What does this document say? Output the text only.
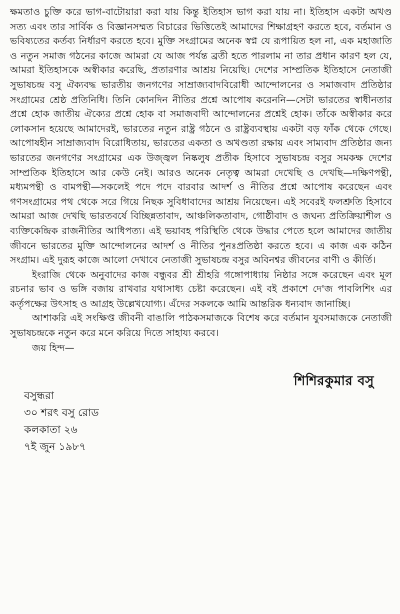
ক্ষমতাও চুক্তি করে ভাগ-বাটোয়ারা করা যায় কিন্তু ইতিহাস ভাগ করা যায় না। ইতিহাস একটা অখণ্ড সত্য এবং তার সার্বিক ও বিজ্ঞানসম্মত বিচারের ভিত্তিতেই আমাদের শিক্ষাগ্রহণ করতে হবে, বর্তমান ও ভবিষ্যতের কর্তব্য নির্ধারণ করতে হবে। মুক্তি সংগ্রামের অনেক স্বপ্ন যে রূপায়িত হল না, এক মহাজাতি ও নতুন সমাজ গঠনের কাজে আমরা যে আজ পর্যন্ত ব্রতী হতে পারলাম না তার প্রধান কারণ হল যে, আমরা ইতিহাসকে অস্বীকার করেছি, প্রতারণার আশ্রয় নিয়েছি। দেশের সাম্প্রতিক ইতিহাসে নেতাজী সুভাষচন্দ্র বসু ঐক্যবদ্ধ ভারতীয় জনগণের সাম্রাজ্যবাদবিরোধী আন্দোলনের ও সমাজবাদ প্রতিষ্ঠার সংগ্রামের শ্রেষ্ঠ প্রতিনিধি। তিনি কোনদিন নীতির প্রশ্নে আপোষ করেননি—সেটা ভারতের স্বাধীনতার প্রশ্নে হোক জাতীয় ঐক্যের প্রশ্নে হোক বা সমাজবাদী আন্দোলনের প্রশ্নেই হোক। তাঁকে অস্বীকার করে লোকসান হয়েছে আমাদেরই, ভারতের নতুন রাষ্ট্র গঠনে ও রাষ্ট্রব্যবস্থায় একটা বড় ফাঁক থেকে গেছে। আপোষহীন সাম্রাজ্যবাদ বিরোধিতায়, ভারতের একতা ও অখণ্ডতা রক্ষায় এবং সাম্যবাদ প্রতিষ্ঠার জন্য ভারতের জনগণের সংগ্রামের এক উজ্জ্বল নিষ্কলুষ প্রতীক হিসাবে সুভাষচন্দ্র বসুর সমকক্ষ দেশের সাম্প্রতিক ইতিহাসে আর কেউ নেই। আরও অনেক নেতৃত্ব আমরা দেখেছি ও দেখছি—দক্ষিণপন্থী, মধ্যমপন্থী ও বামপন্থী—সকলেই পদে পদে বারবার আদর্শ ও নীতির প্রশ্নে আপোষ করেছেন এবং গণসংগ্রামের পথ থেকে সরে গিয়ে নিছক সুবিধাবাদের আশ্রয় নিয়েছেন। এই সবেরই ফলশ্রুতি হিসাবে আমরা আজ দেখছি ভারতবর্ষে বিচ্ছিন্নতাবাদ, আঞ্চলিকতাবাদ, গোষ্ঠীবাদ ও জঘন্য প্রতিক্রিয়াশীল ও ব্যক্তিকেন্দ্রিক রাজনীতির আধিপত্য। এই ভয়াবহ পরিস্থিতি থেকে উদ্ধার পেতে হলে আমাদের জাতীয় জীবনে ভারতের মুক্তি আন্দোলনের আদর্শ ও নীতির পুনঃপ্রতিষ্ঠা করতে হবে। এ কাজ এক কঠিন সংগ্রাম। এই দুরূহ কাজে আলো দেখাবে নেতাজী সুভাষচন্দ্র বসুর অবিনশ্বর জীবনের বাণী ও কীর্তি।

ইংরাজি থেকে অনুবাদের কাজ বন্ধুবর শ্রী শ্রীহরি গঙ্গোপাধ্যায় নিষ্ঠার সঙ্গে করেছেন এবং মূল রচনার ভাব ও ভঙ্গি বজায় রাখবার যথাসাধ্য চেষ্টা করেছেন। এই বই প্রকাশে দে'জ পাবলিশিং এর কর্তৃপক্ষের উৎসাহ ও আগ্রহ উল্লেখযোগ্য। এঁদের সকলকে আমি আন্তরিক ধন্যবাদ জানাচ্ছি।

আশাকরি এই সংক্ষিপ্ত জীবনী বাঙালি পাঠকসমাজকে বিশেষ করে বর্তমান যুবসমাজকে নেতাজী সুভাষচন্দ্রকে নতুন করে মনে করিয়ে দিতে সাহায্য করবে।

জয় হিন্দ—

শিশিরকুমার বসু
বসুন্ধরা
৩০ শরৎ বসু রোড
কলকাতা ২৬
৭ই জুন ১৯৮৭
